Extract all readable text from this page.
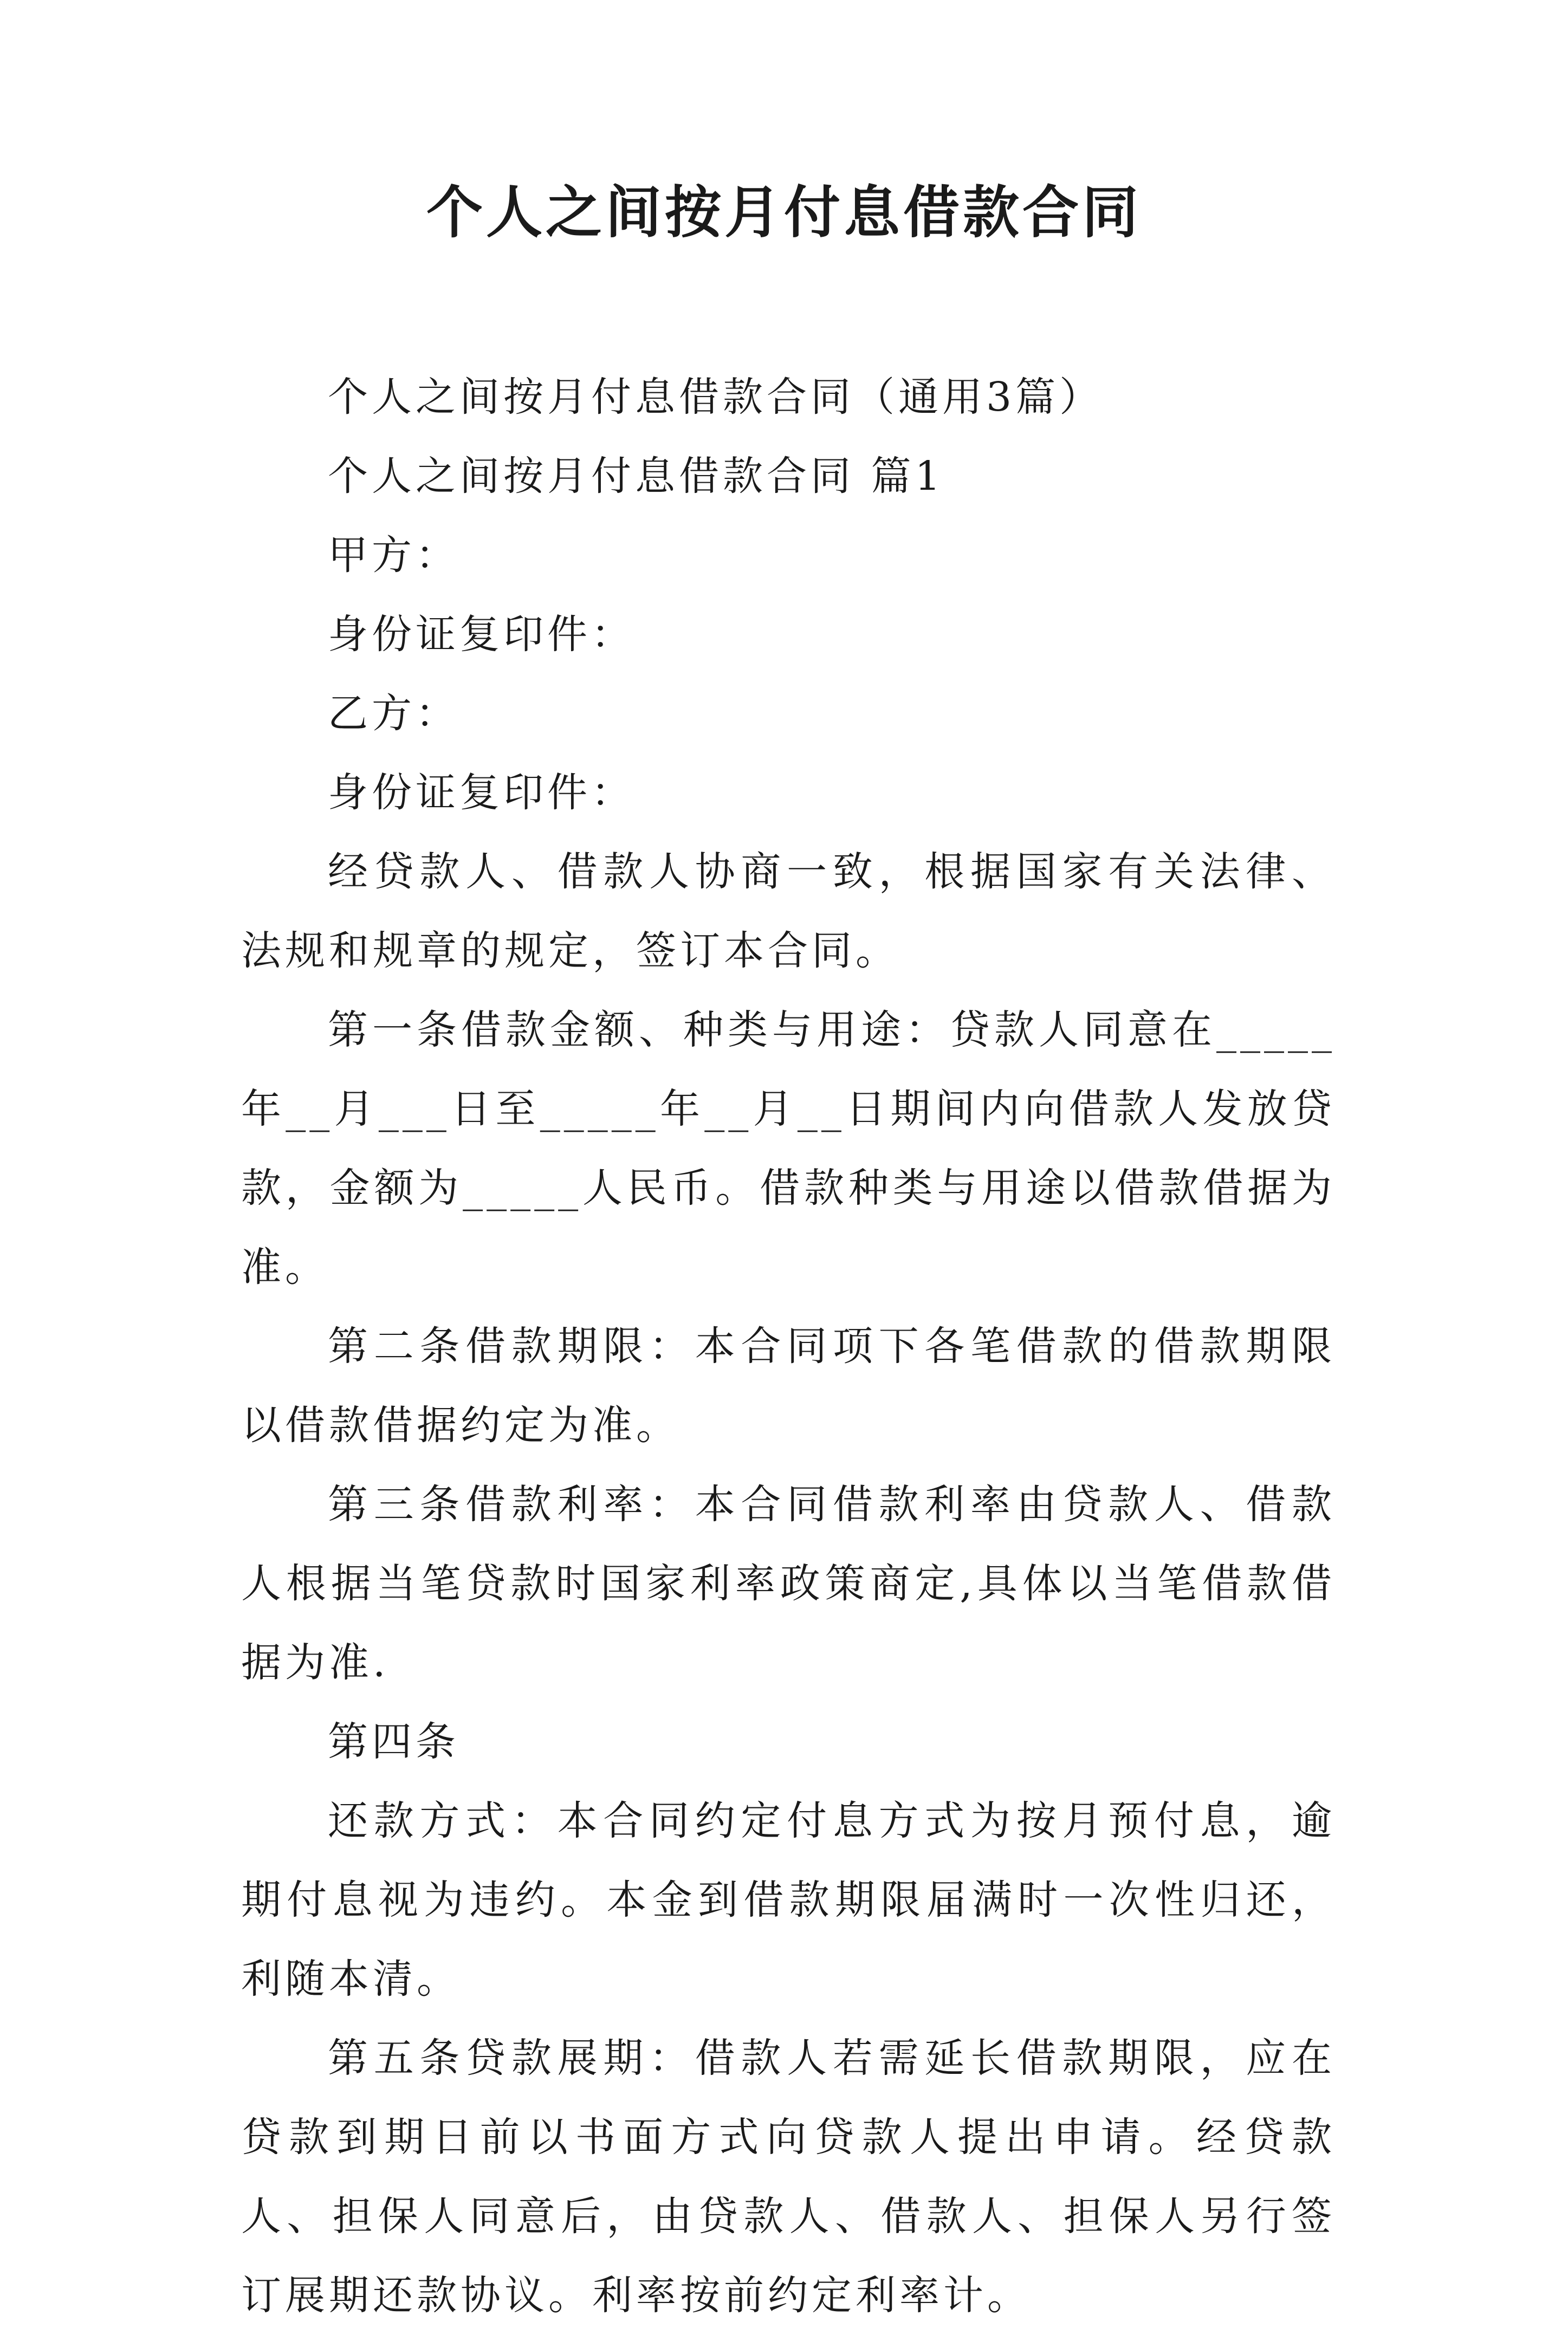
个人之间按月付息借款合同

个人之间按月付息借款合同（通用3篇）

个人之间按月付息借款合同 篇1

甲方：

身份证复印件：

乙方：

身份证复印件：

经贷款人、借款人协商一致，根据国家有关法律、法规和规章的规定，签订本合同。

第一条借款金额、种类与用途：贷款人同意在_____年__月___日至_____年__月__日期间内向借款人发放贷款，金额为_____人民币。借款种类与用途以借款借据为准。

第二条借款期限：本合同项下各笔借款的借款期限以借款借据约定为准。

第三条借款利率：本合同借款利率由贷款人、借款人根据当笔贷款时国家利率政策商定,具体以当笔借款借据为准.

第四条

还款方式：本合同约定付息方式为按月预付息，逾期付息视为违约。本金到借款期限届满时一次性归还，利随本清。

第五条贷款展期：借款人若需延长借款期限，应在贷款到期日前以书面方式向贷款人提出申请。经贷款人、担保人同意后，由贷款人、借款人、担保人另行签订展期还款协议。利率按前约定利率计。
